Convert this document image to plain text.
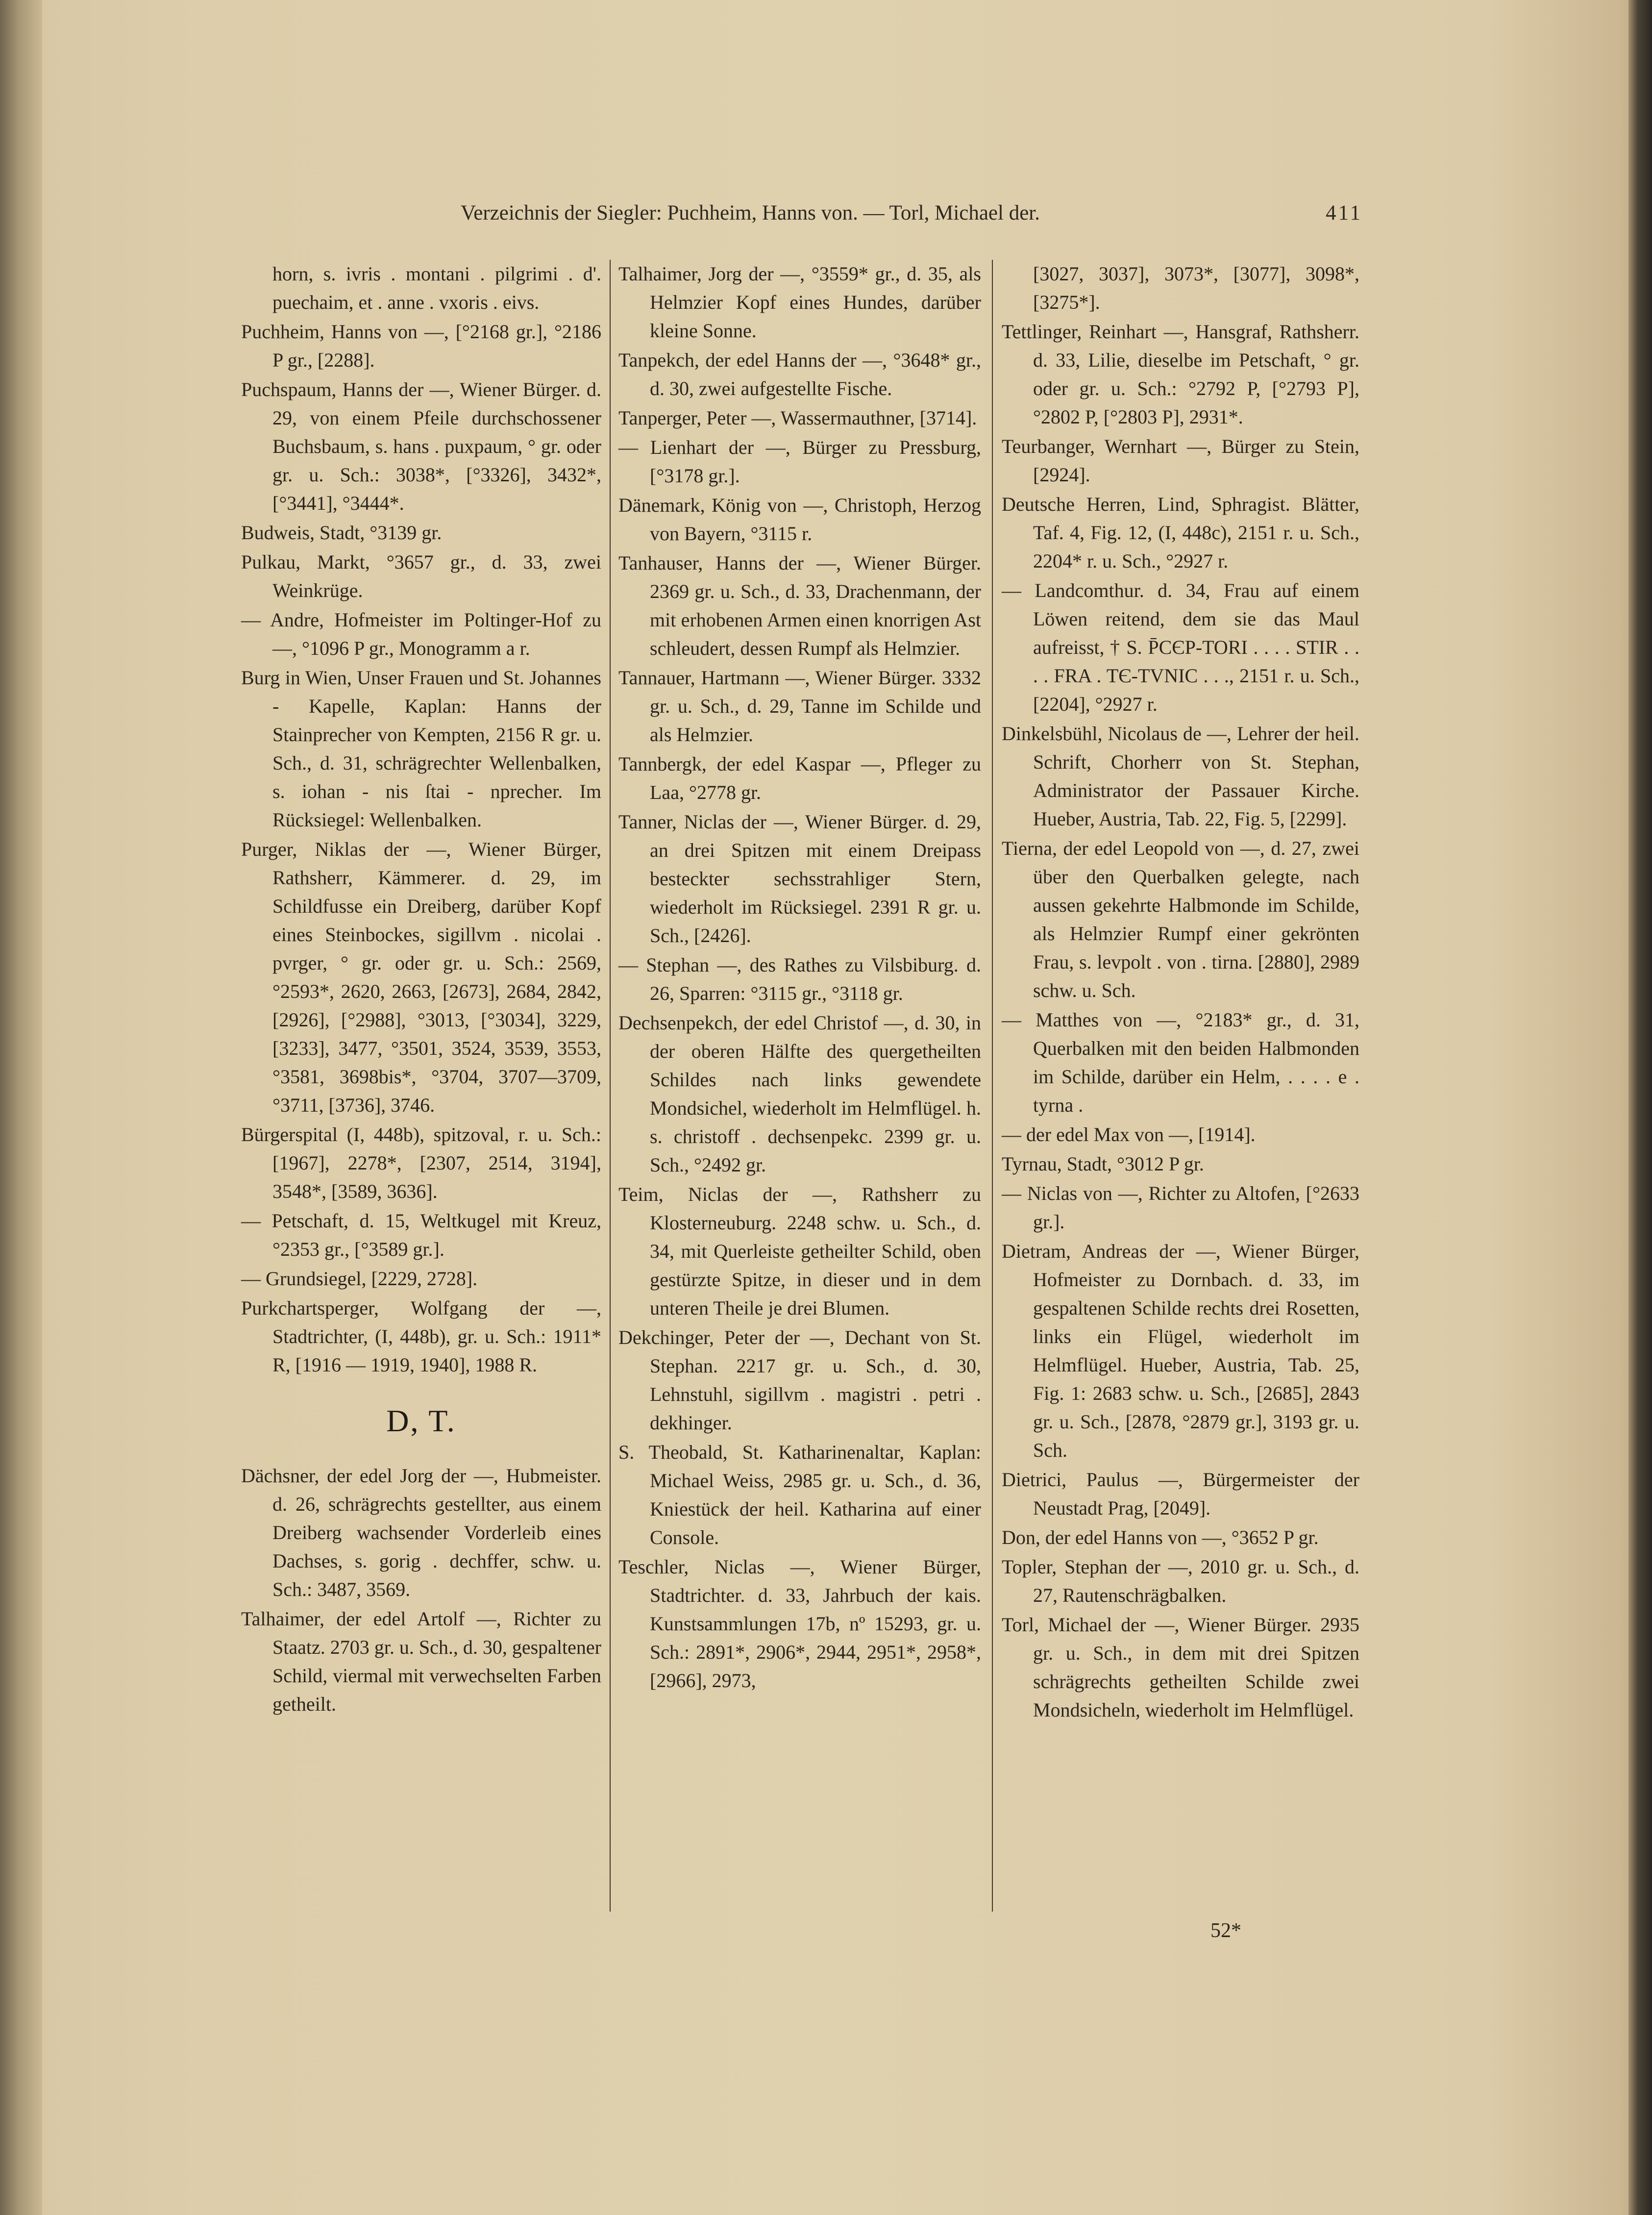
Verzeichnis der Siegler: Puchheim, Hanns von. — Torl, Michael der.	411

horn, s. ivris . montani . pilgrimi . d'. puechaim, et . anne . vxoris . eivs.

Puchheim, Hanns von —, [°2168 gr.], °2186 P gr., [2288].

Puchspaum, Hanns der —, Wiener Bürger. d. 29, von einem Pfeile durchschossener Buchsbaum, s. hans . puxpaum, ° gr. oder gr. u. Sch.: 3038*, [°3326], 3432*, [°3441], °3444*.

Budweis, Stadt, °3139 gr.

Pulkau, Markt, °3657 gr., d. 33, zwei Weinkrüge.

— Andre, Hofmeister im Poltinger-Hof zu —, °1096 P gr., Monogramm a r.

Burg in Wien, Unser Frauen und St. Johannes - Kapelle, Kaplan: Hanns der Stainprecher von Kempten, 2156 R gr. u. Sch., d. 31, schrägrechter Wellenbalken, s. iohan - nis ſtai - nprecher. Im Rücksiegel: Wellenbalken.

Purger, Niklas der —, Wiener Bürger, Rathsherr, Kämmerer. d. 29, im Schildfusse ein Dreiberg, darüber Kopf eines Steinbockes, sigillvm . nicolai . pvrger, ° gr. oder gr. u. Sch.: 2569, °2593*, 2620, 2663, [2673], 2684, 2842, [2926], [°2988], °3013, [°3034], 3229, [3233], 3477, °3501, 3524, 3539, 3553, °3581, 3698bis*, °3704, 3707—3709, °3711, [3736], 3746.

Bürgerspital (I, 448b), spitzoval, r. u. Sch.: [1967], 2278*, [2307, 2514, 3194], 3548*, [3589, 3636].

— Petschaft, d. 15, Weltkugel mit Kreuz, °2353 gr., [°3589 gr.].

— Grundsiegel, [2229, 2728].

Purkchartsperger, Wolfgang der —, Stadtrichter, (I, 448b), gr. u. Sch.: 1911* R, [1916 — 1919, 1940], 1988 R.

D, T.

Dächsner, der edel Jorg der —, Hubmeister. d. 26, schrägrechts gestellter, aus einem Dreiberg wachsender Vorderleib eines Dachses, s. gorig . dechffer, schw. u. Sch.: 3487, 3569.

Talhaimer, der edel Artolf —, Richter zu Staatz. 2703 gr. u. Sch., d. 30, gespaltener Schild, viermal mit verwechselten Farben getheilt.

Talhaimer, Jorg der —, °3559* gr., d. 35, als Helmzier Kopf eines Hundes, darüber kleine Sonne.

Tanpekch, der edel Hanns der —, °3648* gr., d. 30, zwei aufgestellte Fische.

Tanperger, Peter —, Wassermauthner, [3714].

— Lienhart der —, Bürger zu Pressburg, [°3178 gr.].

Dänemark, König von —, Christoph, Herzog von Bayern, °3115 r.

Tanhauser, Hanns der —, Wiener Bürger. 2369 gr. u. Sch., d. 33, Drachenmann, der mit erhobenen Armen einen knorrigen Ast schleudert, dessen Rumpf als Helmzier.

Tannauer, Hartmann —, Wiener Bürger. 3332 gr. u. Sch., d. 29, Tanne im Schilde und als Helmzier.

Tannbergk, der edel Kaspar —, Pfleger zu Laa, °2778 gr.

Tanner, Niclas der —, Wiener Bürger. d. 29, an drei Spitzen mit einem Dreipass besteckter sechsstrahliger Stern, wiederholt im Rücksiegel. 2391 R gr. u. Sch., [2426].

— Stephan —, des Rathes zu Vilsbiburg. d. 26, Sparren: °3115 gr., °3118 gr.

Dechsenpekch, der edel Christof —, d. 30, in der oberen Hälfte des quergetheilten Schildes nach links gewendete Mondsichel, wiederholt im Helmflügel. h. s. christoff . dechsenpekc. 2399 gr. u. Sch., °2492 gr.

Teim, Niclas der —, Rathsherr zu Klosterneuburg. 2248 schw. u. Sch., d. 34, mit Querleiste getheilter Schild, oben gestürzte Spitze, in dieser und in dem unteren Theile je drei Blumen.

Dekchinger, Peter der —, Dechant von St. Stephan. 2217 gr. u. Sch., d. 30, Lehnstuhl, sigillvm . magistri . petri . dekhinger.

S. Theobald, St. Katharinenaltar, Kaplan: Michael Weiss, 2985 gr. u. Sch., d. 36, Kniestück der heil. Katharina auf einer Console.

Teschler, Niclas —, Wiener Bürger, Stadtrichter. d. 33, Jahrbuch der kais. Kunstsammlungen 17b, nº 15293, gr. u. Sch.: 2891*, 2906*, 2944, 2951*, 2958*, [2966], 2973,

[3027, 3037], 3073*, [3077], 3098*, [3275*].

Tettlinger, Reinhart —, Hansgraf, Rathsherr. d. 33, Lilie, dieselbe im Petschaft, ° gr. oder gr. u. Sch.: °2792 P, [°2793 P], °2802 P, [°2803 P], 2931*.

Teurbanger, Wernhart —, Bürger zu Stein, [2924].

Deutsche Herren, Lind, Sphragist. Blätter, Taf. 4, Fig. 12, (I, 448c), 2151 r. u. Sch., 2204* r. u. Sch., °2927 r.

— Landcomthur. d. 34, Frau auf einem Löwen reitend, dem sie das Maul aufreisst, † S. P̄CЄP-TORI . . . . STIR . . . . FRA . TЄ-TVNIC . . ., 2151 r. u. Sch., [2204], °2927 r.

Dinkelsbühl, Nicolaus de —, Lehrer der heil. Schrift, Chorherr von St. Stephan, Administrator der Passauer Kirche. Hueber, Austria, Tab. 22, Fig. 5, [2299].

Tierna, der edel Leopold von —, d. 27, zwei über den Querbalken gelegte, nach aussen gekehrte Halbmonde im Schilde, als Helmzier Rumpf einer gekrönten Frau, s. levpolt . von . tirna. [2880], 2989 schw. u. Sch.

— Matthes von —, °2183* gr., d. 31, Querbalken mit den beiden Halbmonden im Schilde, darüber ein Helm, . . . . e . tyrna .

— der edel Max von —, [1914].

Tyrnau, Stadt, °3012 P gr.

— Niclas von —, Richter zu Altofen, [°2633 gr.].

Dietram, Andreas der —, Wiener Bürger, Hofmeister zu Dornbach. d. 33, im gespaltenen Schilde rechts drei Rosetten, links ein Flügel, wiederholt im Helmflügel. Hueber, Austria, Tab. 25, Fig. 1: 2683 schw. u. Sch., [2685], 2843 gr. u. Sch., [2878, °2879 gr.], 3193 gr. u. Sch.

Dietrici, Paulus —, Bürgermeister der Neustadt Prag, [2049].

Don, der edel Hanns von —, °3652 P gr.

Topler, Stephan der —, 2010 gr. u. Sch., d. 27, Rautenschrägbalken.

Torl, Michael der —, Wiener Bürger. 2935 gr. u. Sch., in dem mit drei Spitzen schrägrechts getheilten Schilde zwei Mondsicheln, wiederholt im Helmflügel.

52*
